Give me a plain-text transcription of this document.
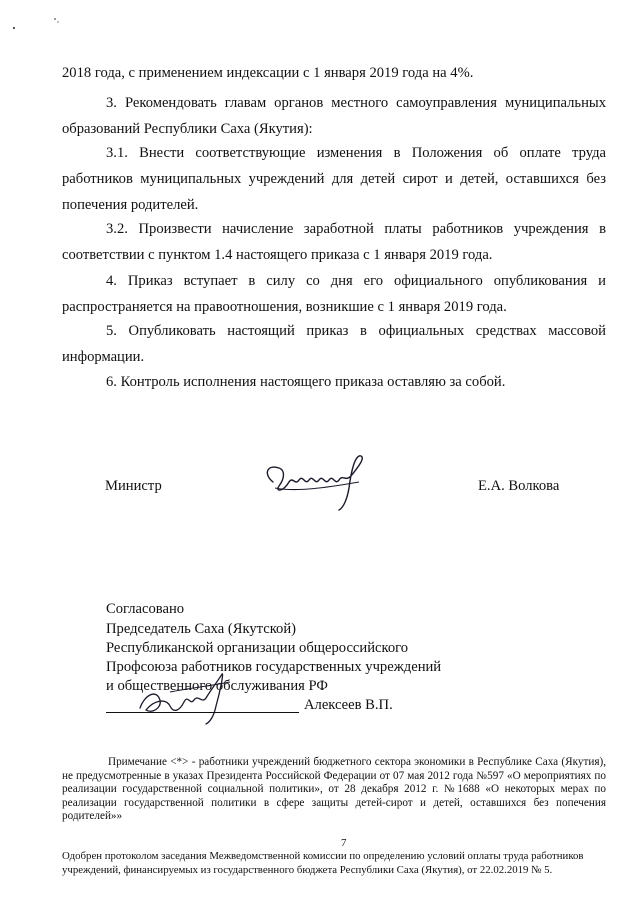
2018 года, с применением индексации с 1 января 2019 года на 4%.

3. Рекомендовать главам органов местного самоуправления муниципальных образований Республики Саха (Якутия):

3.1. Внести соответствующие изменения в Положения об оплате труда работников муниципальных учреждений для детей сирот и детей, оставшихся без попечения родителей.

3.2. Произвести начисление заработной платы работников учреждения в соответствии с пунктом 1.4 настоящего приказа с 1 января 2019 года.

4. Приказ вступает в силу со дня его официального опубликования и распространяется на правоотношения, возникшие с 1 января 2019 года.

5. Опубликовать настоящий приказ в официальных средствах массовой информации.

6. Контроль исполнения настоящего приказа оставляю за собой.

Министр	Е.А. Волкова
Согласовано
Председатель Саха (Якутской)
Республиканской организации общероссийского
Профсоюза работников государственных учреждений
и общественного обслуживания РФ
Алексеев В.П.

Примечание <*> - работники учреждений бюджетного сектора экономики в Республике Саха (Якутия), не предусмотренные в указах Президента Российской Федерации от 07 мая 2012 года №597 «О мероприятиях по реализации государственной социальной политики», от 28 декабря 2012 г. №1688 «О некоторых мерах по реализации государственной политики в сфере защиты детей-сирот и детей, оставшихся без попечения родителей»»

7

Одобрен протоколом заседания Межведомственной комиссии по определению условий оплаты труда работников учреждений, финансируемых из государственного бюджета Республики Саха (Якутия), от 22.02.2019 № 5.
